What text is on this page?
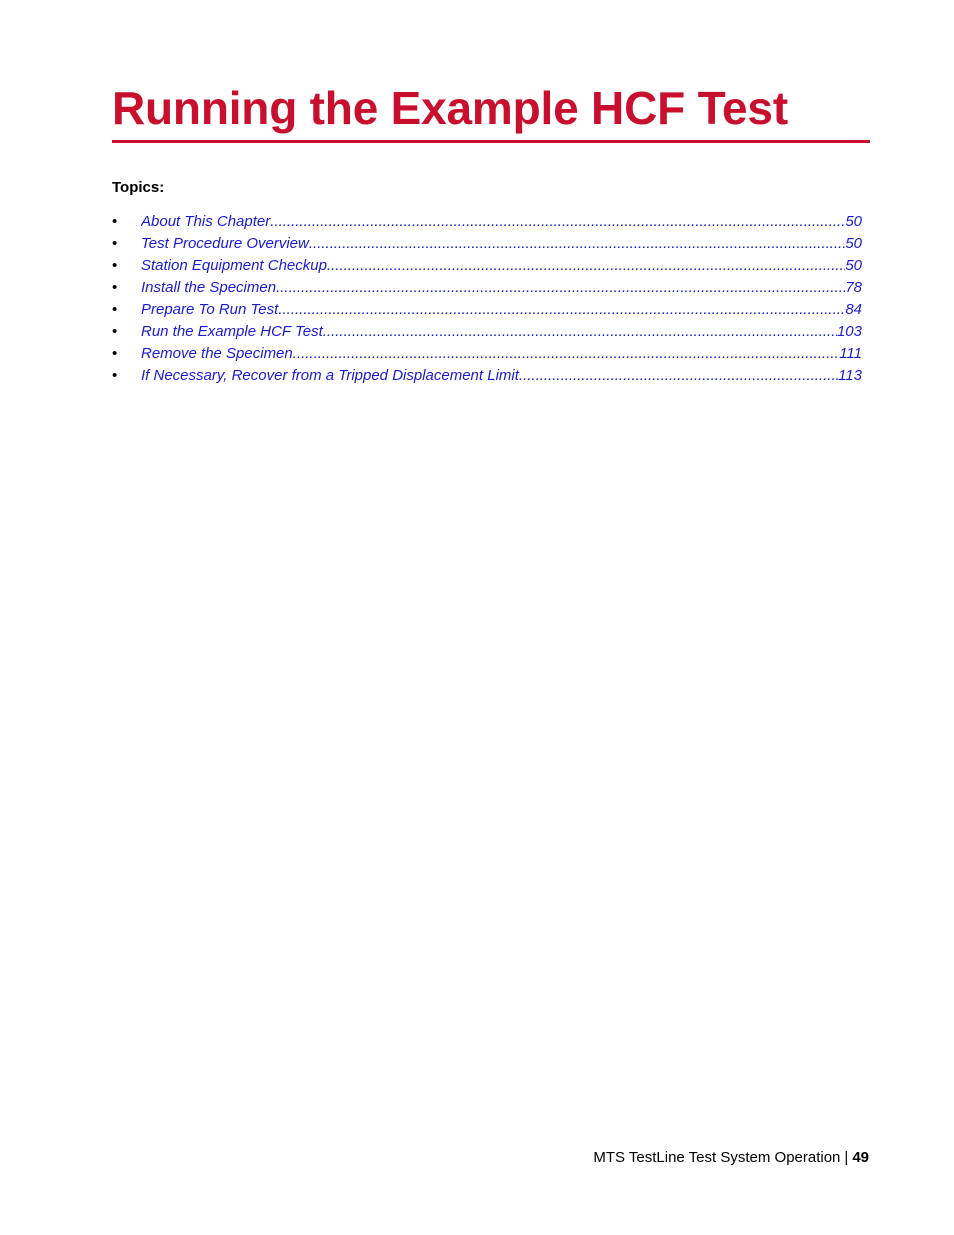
Running the Example HCF Test
Topics:
•	About This Chapter .....	50
•	Test Procedure Overview .....	50
•	Station Equipment Checkup .....	50
•	Install the Specimen .....	78
•	Prepare To Run Test .....	84
•	Run the Example HCF Test .....	103
•	Remove the Specimen .....	111
•	If Necessary, Recover from a Tripped Displacement Limit .....	113
MTS TestLine Test System Operation | 49
